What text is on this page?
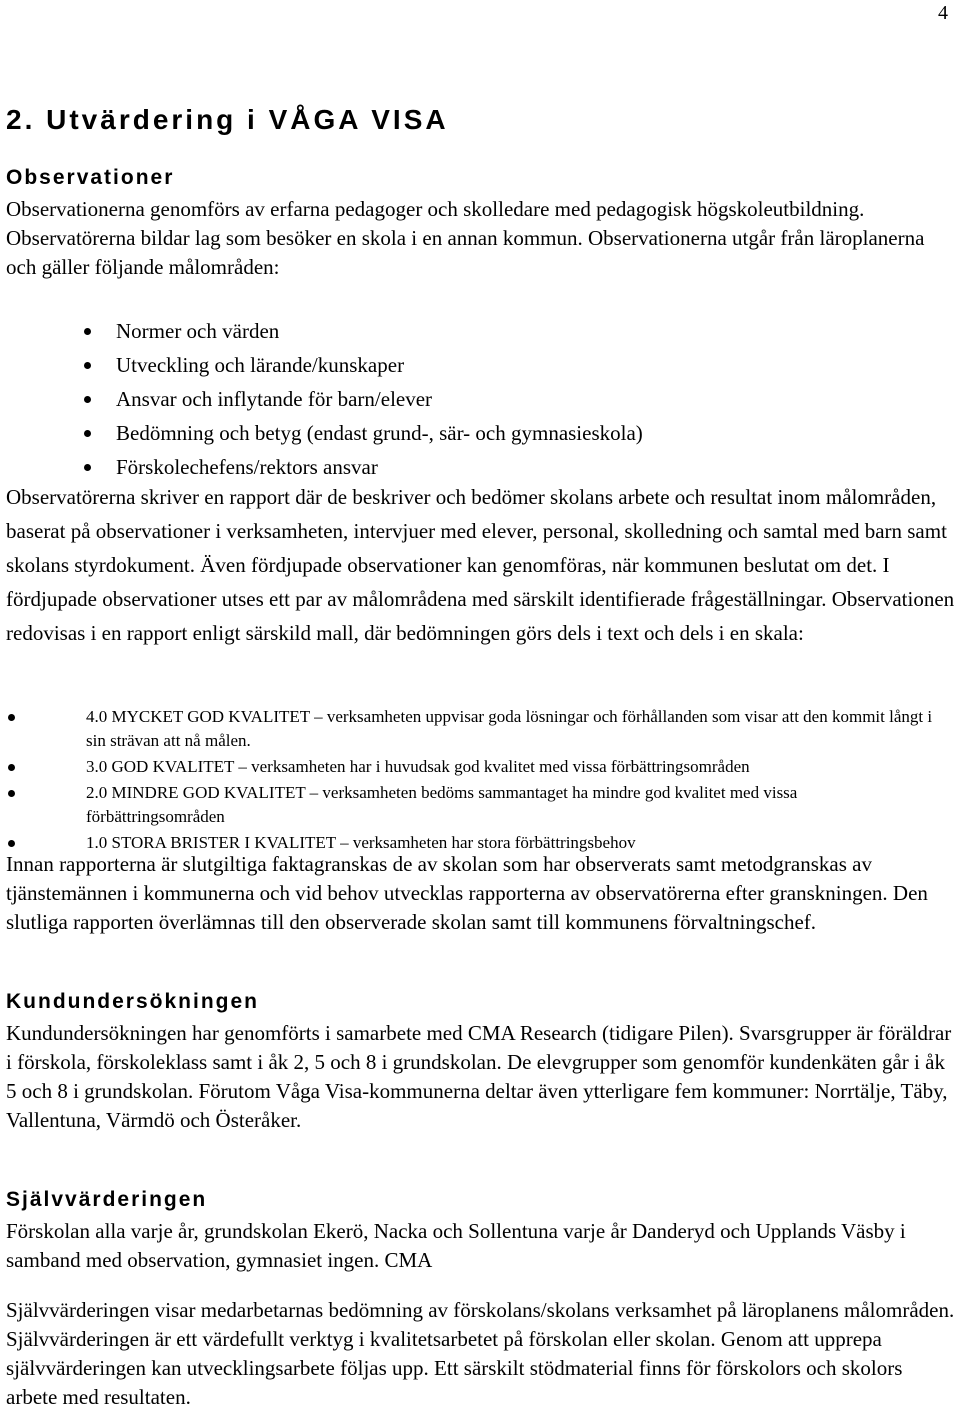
4
2. Utvärdering i VÅGA VISA
Observationer

Observationerna genomförs av erfarna pedagoger och skolledare med pedagogisk högskoleutbildning. Observatörerna bildar lag som besöker en skola i en annan kommun. Observationerna utgår från läroplanerna och gäller följande målområden:

Normer och värden
Utveckling och lärande/kunskaper
Ansvar och inflytande för barn/elever
Bedömning och betyg (endast grund-, sär- och gymnasieskola)
Förskolechefens/rektors ansvar

Observatörerna skriver en rapport där de beskriver och bedömer skolans arbete och resultat inom målområden, baserat på observationer i verksamheten, intervjuer med elever, personal, skolledning och samtal med barn samt skolans styrdokument. Även fördjupade observationer kan genomföras, när kommunen beslutat om det. I fördjupade observationer utses ett par av målområdena med särskilt identifierade frågeställningar. Observationen redovisas i en rapport enligt särskild mall, där bedömningen görs dels i text och dels i en skala:

4.0 MYCKET GOD KVALITET – verksamheten uppvisar goda lösningar och förhållanden som visar att den kommit långt i sin strävan att nå målen.
3.0 GOD KVALITET – verksamheten har i huvudsak god kvalitet med vissa förbättringsområden
2.0 MINDRE GOD KVALITET – verksamheten bedöms sammantaget ha mindre god kvalitet med vissa förbättringsområden
1.0 STORA BRISTER I KVALITET – verksamheten har stora förbättringsbehov

Innan rapporterna är slutgiltiga faktagranskas de av skolan som har observerats samt metodgranskas av tjänstemännen i kommunerna och vid behov utvecklas rapporterna av observatörerna efter granskningen. Den slutliga rapporten överlämnas till den observerade skolan samt till kommunens förvaltningschef.

Kundundersökningen

Kundundersökningen har genomförts i samarbete med CMA Research (tidigare Pilen). Svarsgrupper är föräldrar i förskola, förskoleklass samt i åk 2, 5 och 8 i grundskolan. De elevgrupper som genomför kundenkäten går i åk 5 och 8 i grundskolan. Förutom Våga Visa-kommunerna deltar även ytterligare fem kommuner: Norrtälje, Täby, Vallentuna, Värmdö och Österåker.

Självvärderingen

Förskolan alla varje år, grundskolan Ekerö, Nacka och Sollentuna varje år Danderyd och Upplands Väsby i samband med observation, gymnasiet ingen. CMA

Självvärderingen visar medarbetarnas bedömning av förskolans/skolans verksamhet på läroplanens målområden. Självvärderingen är ett värdefullt verktyg i kvalitetsarbetet på förskolan eller skolan. Genom att upprepa självvärderingen kan utvecklingsarbete följas upp. Ett särskilt stödmaterial finns för förskolors och skolors arbete med resultaten.
